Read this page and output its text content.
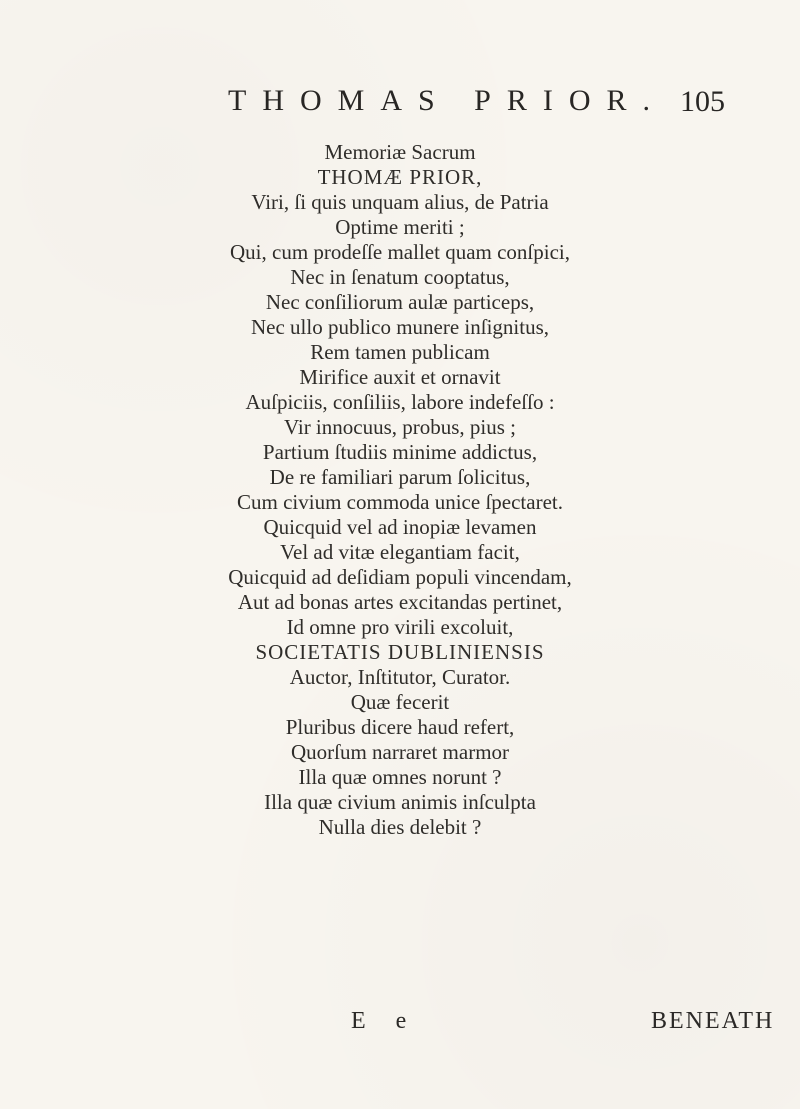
THOMAS PRIOR. 105
Memoriæ Sacrum
THOMÆ PRIOR,
Viri, ſi quis unquam alius, de Patria
Optime meriti ;
Qui, cum prodeſſe mallet quam conſpici,
Nec in ſenatum cooptatus,
Nec conſiliorum aulæ particeps,
Nec ullo publico munere inſignitus,
Rem tamen publicam
Mirifice auxit et ornavit
Auſpiciis, conſiliis, labore indefeſſo :
Vir innocuus, probus, pius ;
Partium ſtudiis minime addictus,
De re familiari parum ſolicitus,
Cum civium commoda unice ſpectaret.
Quicquid vel ad inopiæ levamen
Vel ad vitæ elegantiam facit,
Quicquid ad deſidiam populi vincendam,
Aut ad bonas artes excitandas pertinet,
Id omne pro virili excoluit,
SOCIETATIS DUBLINIENSIS
Auctor, Inſtitutor, Curator.
Quæ fecerit
Pluribus dicere haud refert,
Quorſum narraret marmor
Illa quæ omnes norunt ?
Illa quæ civium animis inſculpta
Nulla dies delebit ?
E e	BENEATH
